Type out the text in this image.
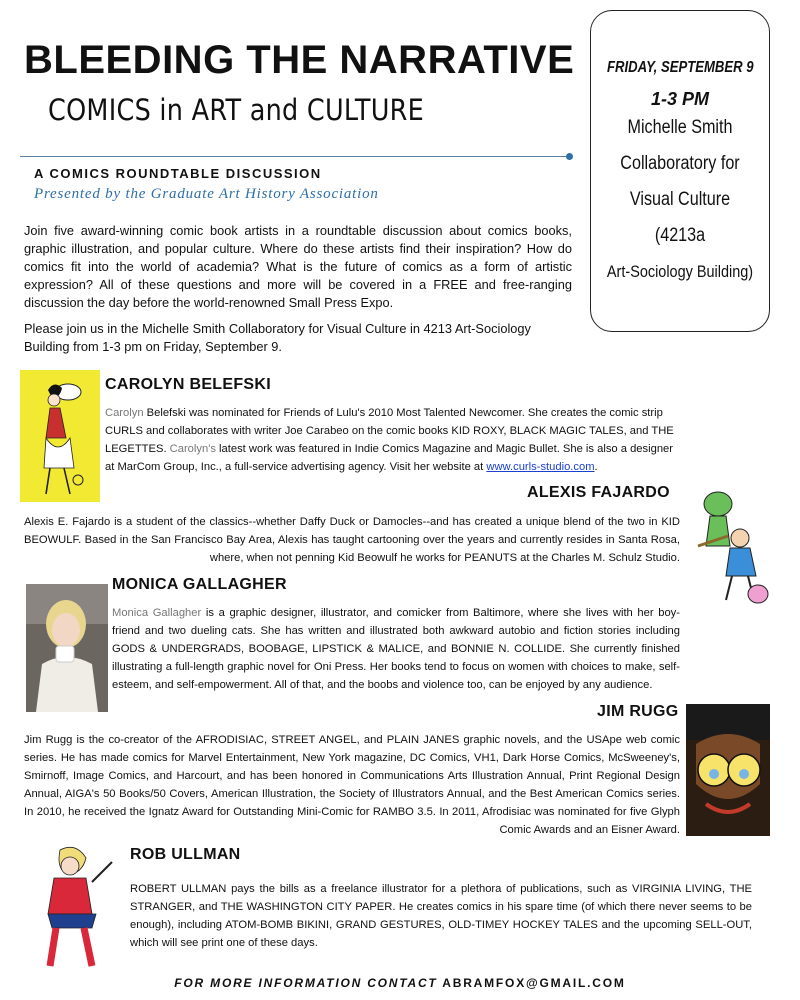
BLEEDING THE NARRATIVE
COMICS in ART and CULTURE
A COMICS ROUNDTABLE DISCUSSION
Presented by the Graduate Art History Association
Join five award-winning comic book artists in a roundtable discussion about comics books, graphic illustration, and popular culture. Where do these artists find their inspiration? How do comics fit into the world of academia? What is the future of comics as a form of artistic expression? All of these questions and more will be covered in a FREE and free-ranging discussion the day before the world-renowned Small Press Expo.
Please join us in the Michelle Smith Collaboratory for Visual Culture in 4213 Art-Sociology Building from 1-3 pm on Friday, September 9.
FRIDAY, SEPTEMBER 9
1-3 PM
Michelle Smith
Collaboratory for
Visual Culture
(4213a
Art-Sociology Building)
CAROLYN BELEFSKI
Carolyn Belefski was nominated for Friends of Lulu's 2010 Most Talented Newcomer. She creates the comic strip CURLS and collaborates with writer Joe Carabeo on the comic books KID ROXY, BLACK MAGIC TALES, and THE LEGETTES. Carolyn's latest work was featured in Indie Comics Magazine and Magic Bullet. She is also a designer at MarCom Group, Inc., a full-service advertising agency. Visit her website at www.curls-studio.com.
ALEXIS FAJARDO
Alexis E. Fajardo is a student of the classics--whether Daffy Duck or Damocles--and has created a unique blend of the two in KID BEOWULF. Based in the San Francisco Bay Area, Alexis has taught cartooning over the years and currently resides in Santa Rosa, where, when not penning Kid Beowulf he works for PEANUTS at the Charles M. Schulz Studio.
MONICA GALLAGHER
Monica Gallagher is a graphic designer, illustrator, and comicker from Baltimore, where she lives with her boy-friend and two dueling cats. She has written and illustrated both awkward autobio and fiction stories including GODS & UNDERGRADS, BOOBAGE, LIPSTICK & MALICE, and BONNIE N. COLLIDE. She currently finished illustrating a full-length graphic novel for Oni Press. Her books tend to focus on women with choices to make, self-esteem, and self-empowerment. All of that, and the boobs and violence too, can be enjoyed by any audience.
JIM RUGG
Jim Rugg is the co-creator of the AFRODISIAC, STREET ANGEL, and PLAIN JANES graphic novels, and the USApe web comic series. He has made comics for Marvel Entertainment, New York magazine, DC Comics, VH1, Dark Horse Comics, McSweeney's, Smirnoff, Image Comics, and Harcourt, and has been honored in Communications Arts Illustration Annual, Print Regional Design Annual, AIGA's 50 Books/50 Covers, American Illustration, the Society of Illustrators Annual, and the Best American Comics series. In 2010, he received the Ignatz Award for Outstanding Mini-Comic for RAMBO 3.5. In 2011, Afrodisiac was nominated for five Glyph Comic Awards and an Eisner Award.
ROB ULLMAN
ROBERT ULLMAN pays the bills as a freelance illustrator for a plethora of publications, such as VIRGINIA LIVING, THE STRANGER, and THE WASHINGTON CITY PAPER. He creates comics in his spare time (of which there never seems to be enough), including ATOM-BOMB BIKINI, GRAND GESTURES, OLD-TIMEY HOCKEY TALES and the upcoming SELL-OUT, which will see print one of these days.
FOR MORE INFORMATION CONTACT ABRAMFOX@GMAIL.COM
